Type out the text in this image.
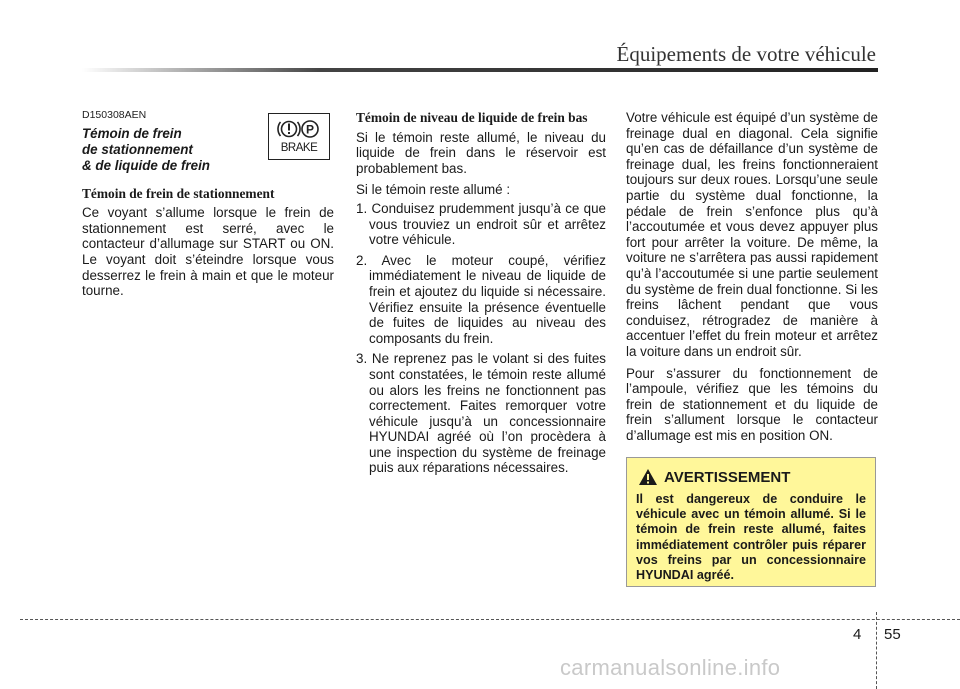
Équipements de votre véhicule
D150308AEN
Témoin de frein
de stationnement
& de liquide de frein
Témoin de frein de stationnement

Ce voyant s’allume lorsque le frein de stationnement est serré, avec le contacteur d’allumage sur START ou ON. Le voyant doit s’éteindre lorsque vous desserrez le frein à main et que le moteur tourne.

P
BRAKE
Témoin de niveau de liquide de frein bas

Si le témoin reste allumé, le niveau du liquide de frein dans le réservoir est probablement bas.

Si le témoin reste allumé :

1. Conduisez prudemment jusqu’à ce que vous trouviez un endroit sûr et arrêtez votre véhicule.
2. Avec le moteur coupé, vérifiez immédiatement le niveau de liquide de frein et ajoutez du liquide si nécessaire. Vérifiez ensuite la présence éventuelle de fuites de liquides au niveau des composants du frein.
3. Ne reprenez pas le volant si des fuites sont constatées, le témoin reste allumé ou alors les freins ne fonctionnent pas correctement. Faites remorquer votre véhicule jusqu’à un concessionnaire HYUNDAI agréé où l’on procèdera à une inspection du système de freinage puis aux réparations nécessaires.

Votre véhicule est équipé d’un système de freinage dual en diagonal. Cela signifie qu’en cas de défaillance d’un système de freinage dual, les freins fonctionneraient toujours sur deux roues. Lorsqu’une seule partie du système dual fonctionne, la pédale de frein s’enfonce plus qu’à l’accoutumée et vous devez appuyer plus fort pour arrêter la voiture. De même, la voiture ne s’arrêtera pas aussi rapidement qu’à l’accoutumée si une partie seulement du système de frein dual fonctionne. Si les freins lâchent pendant que vous conduisez, rétrogradez de manière à accentuer l’effet du frein moteur et arrêtez la voiture dans un endroit sûr.

Pour s’assurer du fonctionnement de l’ampoule, vérifiez que les témoins du frein de stationnement et du liquide de frein s’allument lorsque le contacteur d’allumage est mis en position ON.

AVERTISSEMENT
Il est dangereux de conduire le véhicule avec un témoin allumé. Si le témoin de frein reste allumé, faites immédiatement contrôler puis réparer vos freins par un concessionnaire HYUNDAI agréé.
4 55
carmanualsonline.info
